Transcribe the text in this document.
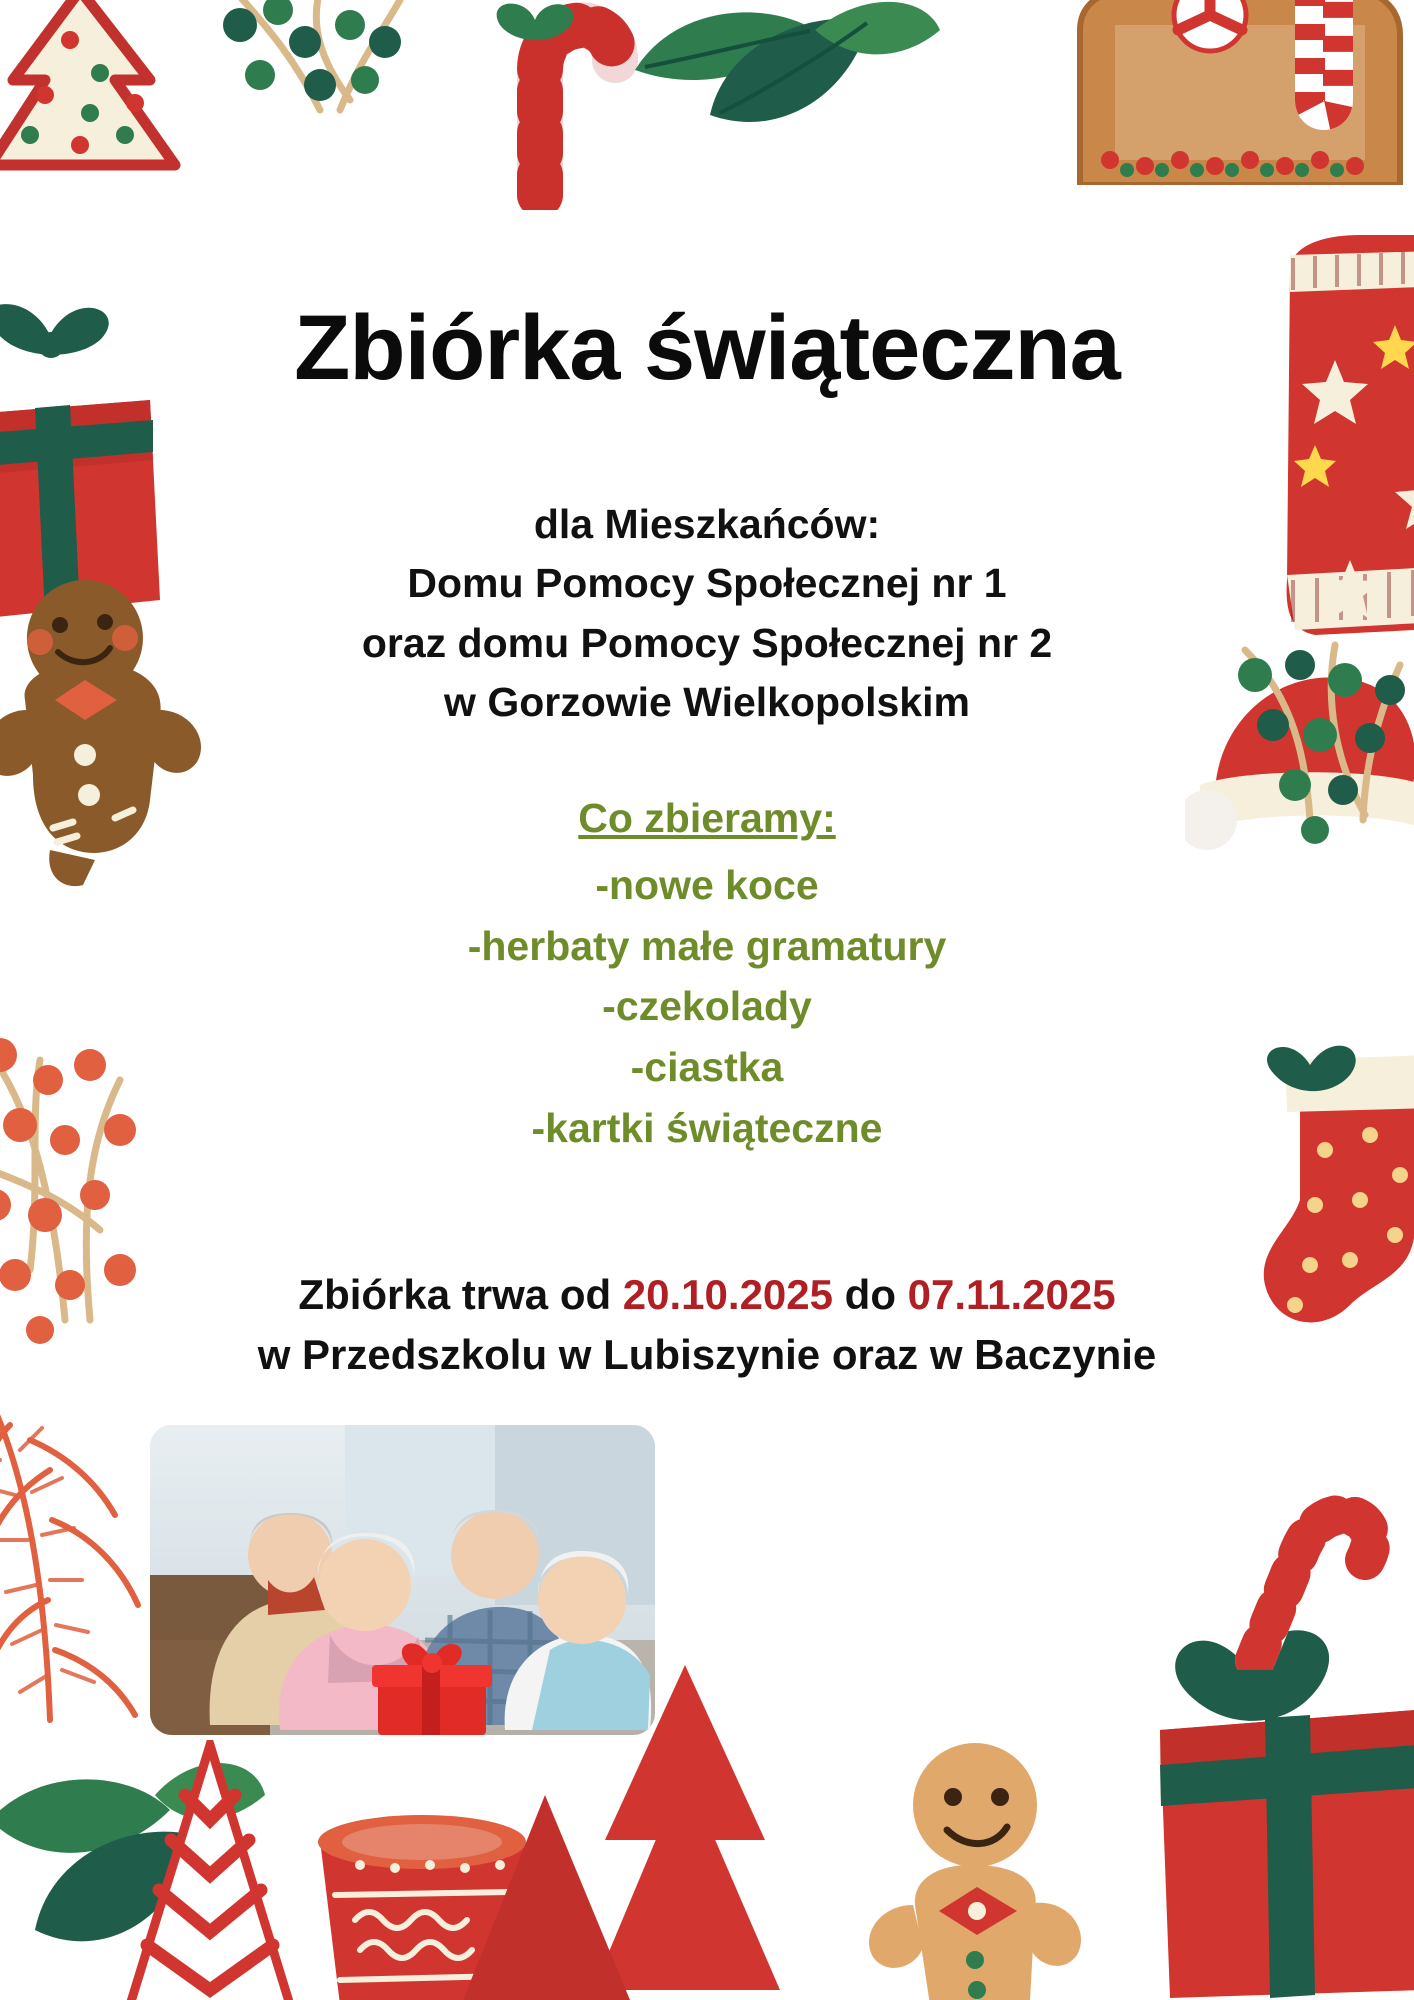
Zbiórka świąteczna
dla Mieszkańców:
Domu Pomocy Społecznej nr 1
oraz domu Pomocy Społecznej nr 2
w Gorzowie Wielkopolskim
Co zbieramy:
-nowe koce
-herbaty małe gramatury
-czekolady
-ciastka
-kartki świąteczne
Zbiórka trwa od 20.10.2025 do 07.11.2025
w Przedszkolu w Lubiszynie oraz w Baczynie
